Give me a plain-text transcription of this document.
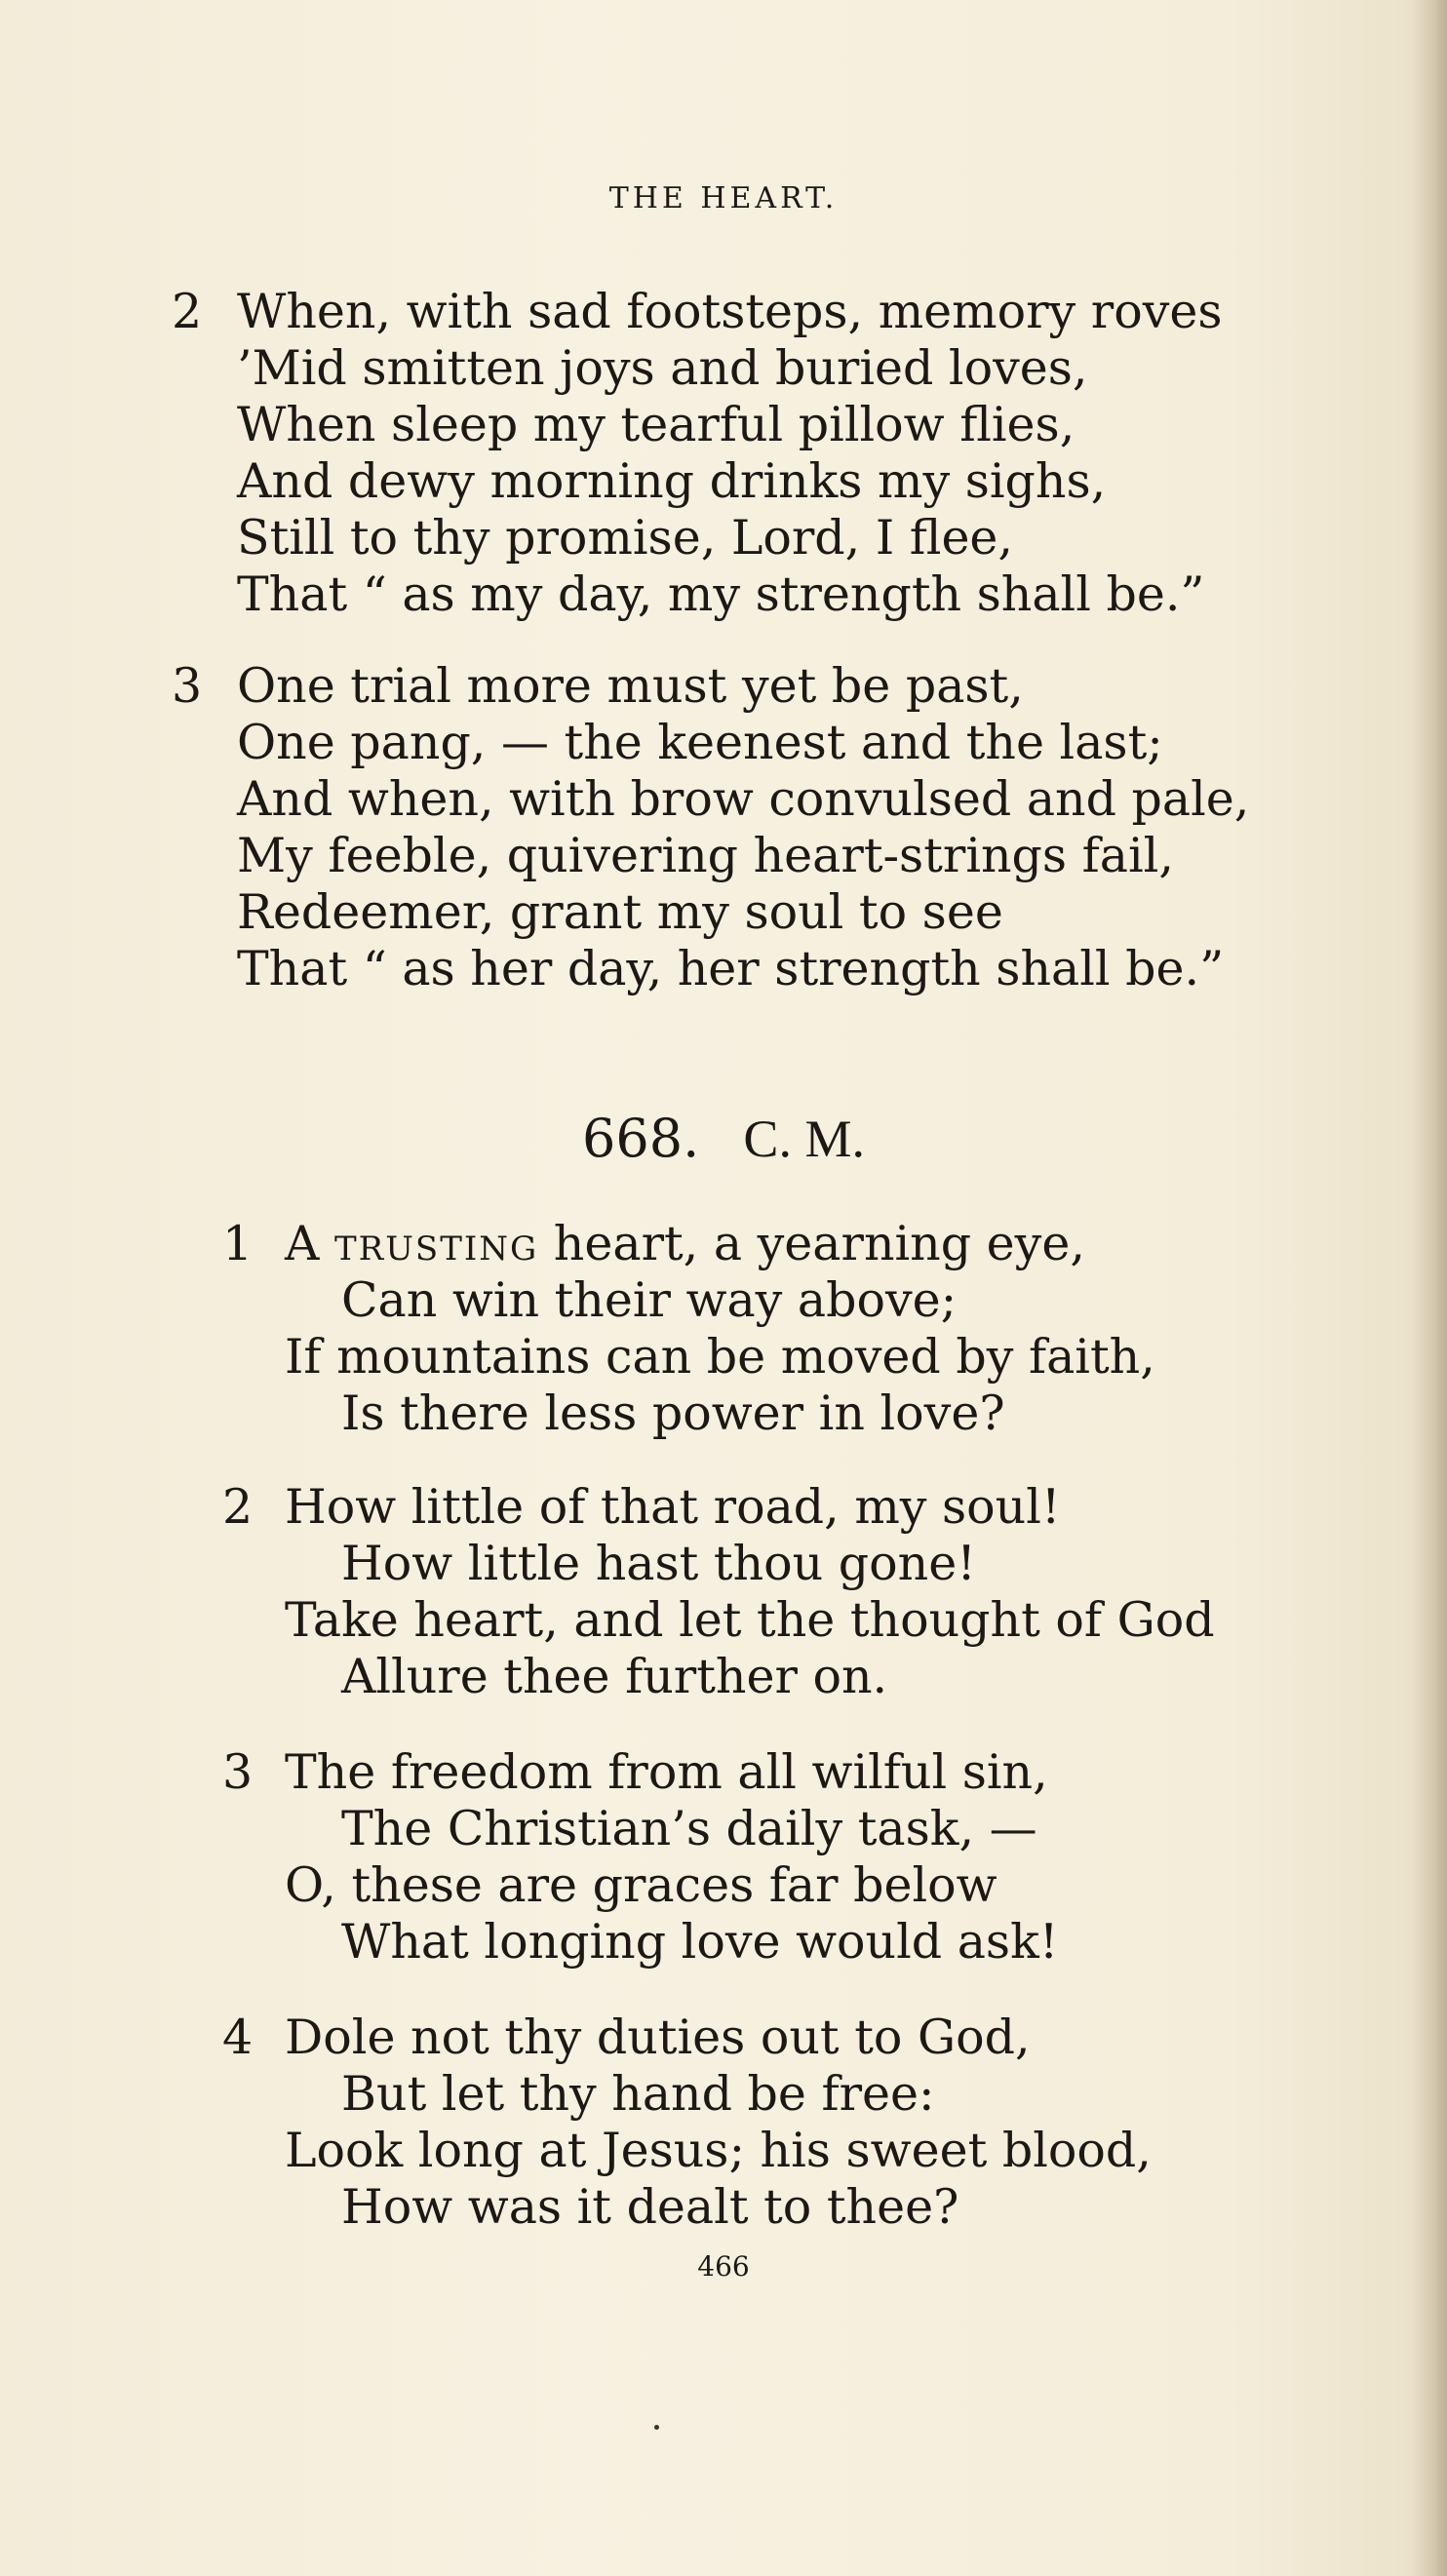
THE HEART.
2 When, with sad footsteps, memory roves
’Mid smitten joys and buried loves,
When sleep my tearful pillow flies,
And dewy morning drinks my sighs,
Still to thy promise, Lord, I flee,
That “ as my day, my strength shall be.”
3 One trial more must yet be past,
One pang, — the keenest and the last;
And when, with brow convulsed and pale,
My feeble, quivering heart-strings fail,
Redeemer, grant my soul to see
That “ as her day, her strength shall be.”
668. C. M.
1 A trusting heart, a yearning eye,
Can win their way above;
If mountains can be moved by faith,
Is there less power in love?
2 How little of that road, my soul!
How little hast thou gone!
Take heart, and let the thought of God
Allure thee further on.
3 The freedom from all wilful sin,
The Christian’s daily task, —
O, these are graces far below
What longing love would ask!
4 Dole not thy duties out to God,
But let thy hand be free:
Look long at Jesus; his sweet blood,
How was it dealt to thee?
466
